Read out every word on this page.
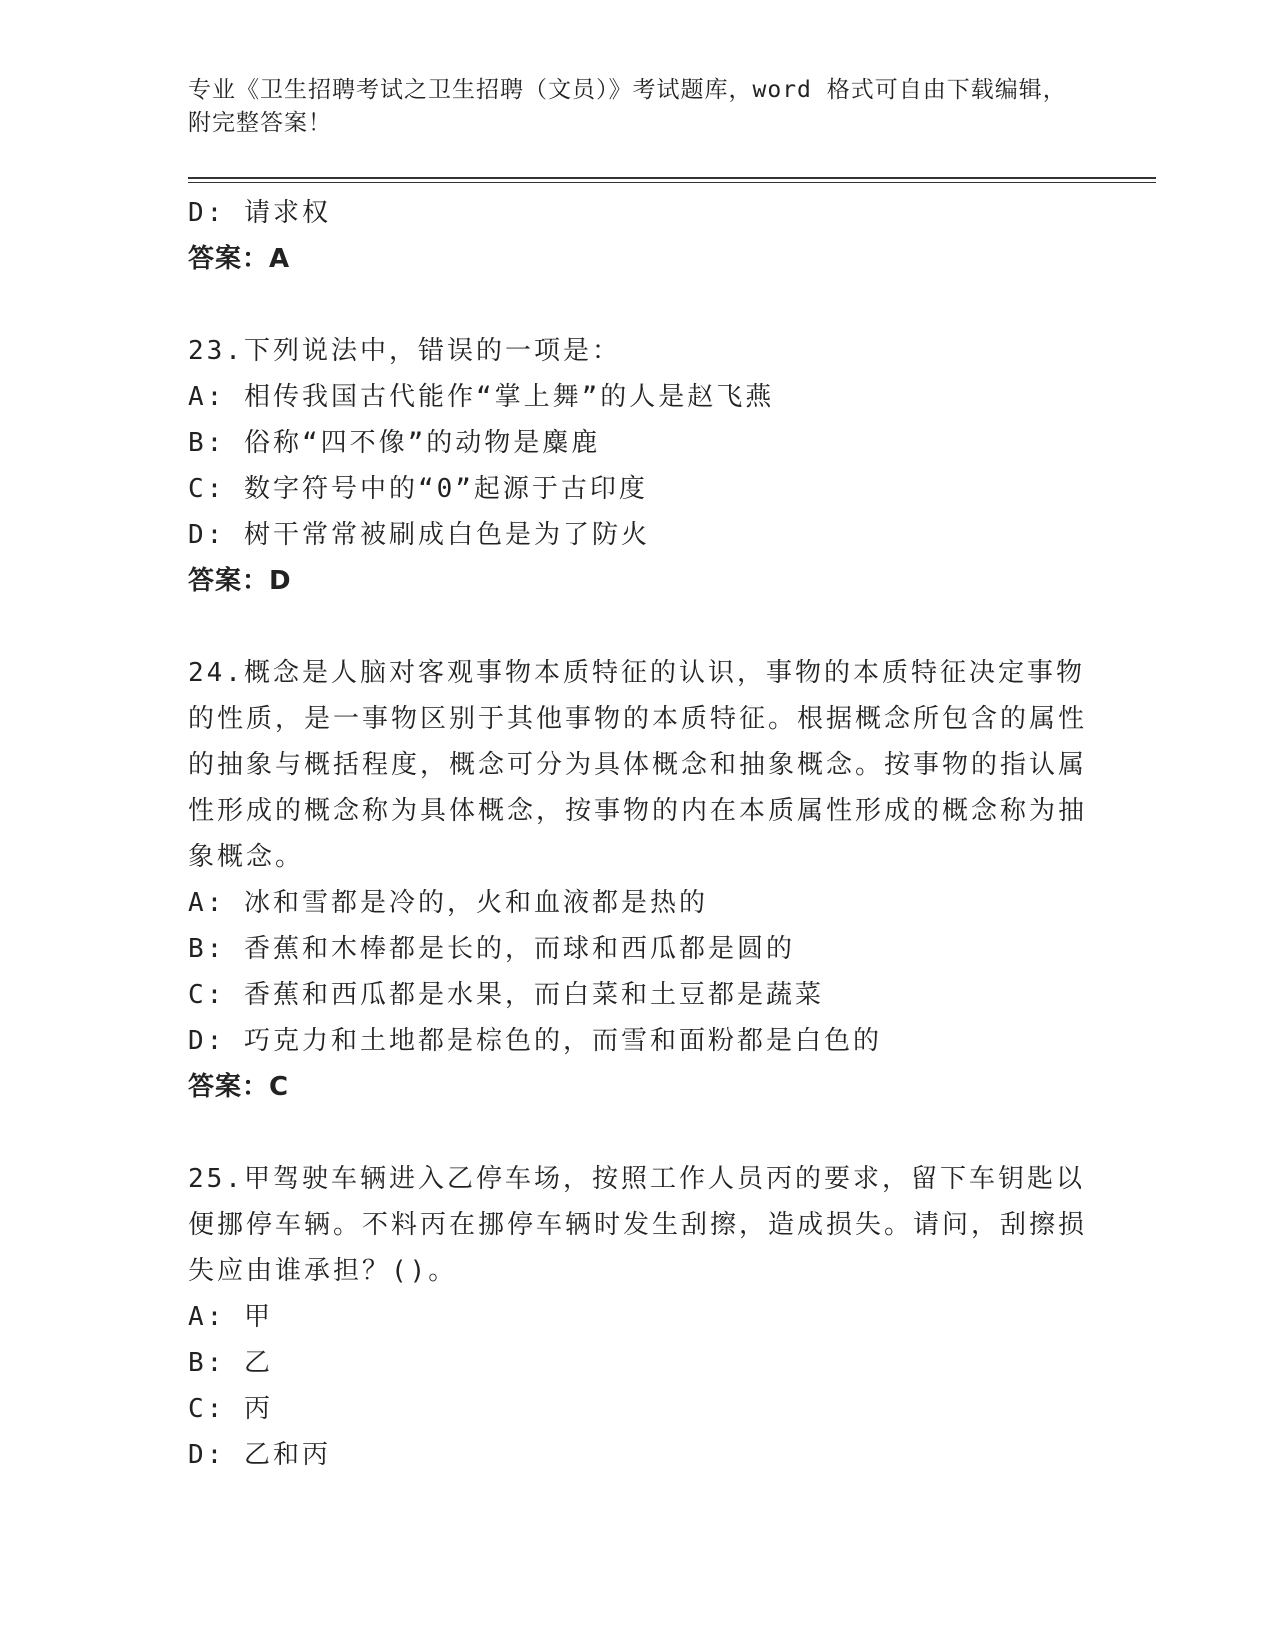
专业《卫生招聘考试之卫生招聘（文员）》考试题库，word 格式可自由下载编辑，附完整答案！
D: 请求权
答案：A
23.下列说法中，错误的一项是：
A: 相传我国古代能作“掌上舞”的人是赵飞燕
B: 俗称“四不像”的动物是麋鹿
C: 数字符号中的“0”起源于古印度
D: 树干常常被刷成白色是为了防火
答案：D
24.概念是人脑对客观事物本质特征的认识，事物的本质特征决定事物的性质，是一事物区别于其他事物的本质特征。根据概念所包含的属性的抽象与概括程度，概念可分为具体概念和抽象概念。按事物的指认属性形成的概念称为具体概念，按事物的内在本质属性形成的概念称为抽象概念。
A: 冰和雪都是冷的，火和血液都是热的
B: 香蕉和木棒都是长的，而球和西瓜都是圆的
C: 香蕉和西瓜都是水果，而白菜和土豆都是蔬菜
D: 巧克力和土地都是棕色的，而雪和面粉都是白色的
答案：C
25.甲驾驶车辆进入乙停车场，按照工作人员丙的要求，留下车钥匙以便挪停车辆。不料丙在挪停车辆时发生刮擦，造成损失。请问，刮擦损失应由谁承担？()。
A: 甲
B: 乙
C: 丙
D: 乙和丙
